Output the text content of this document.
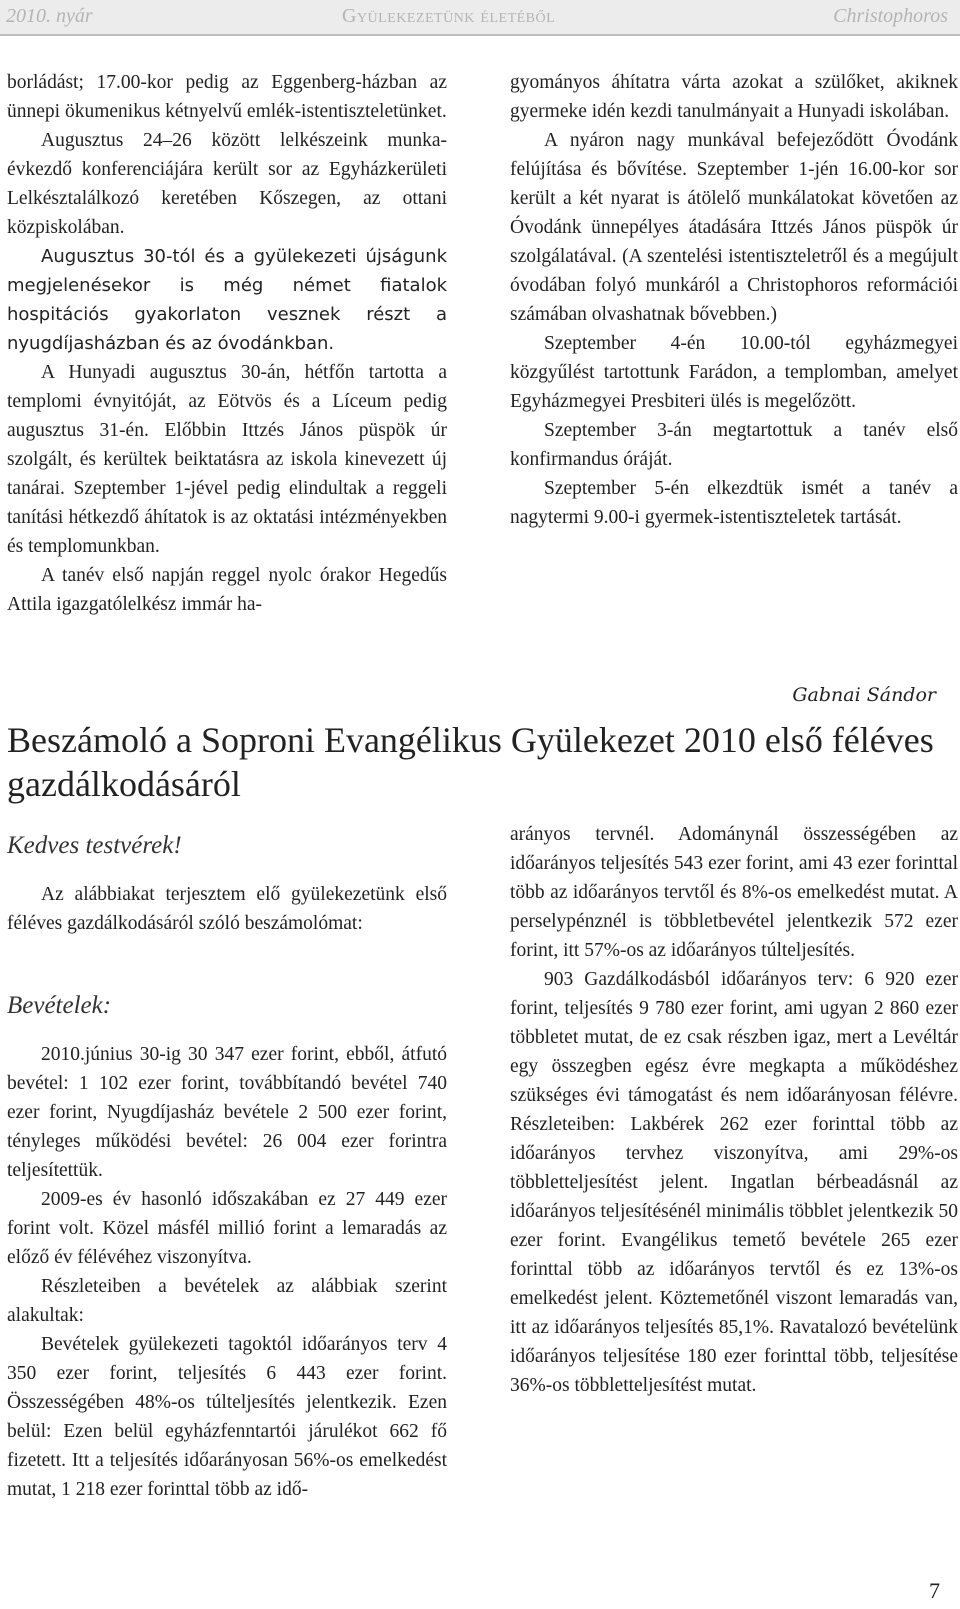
2010. nyár	Gyülekezetünk életéből	Christophoros

borládást; 17.00-kor pedig az Eggenberg-házban az ünnepi ökumenikus kétnyelvű emlék-istentiszteletünket.

Augusztus 24–26 között lelkészeink munka-évkezdő konferenciájára került sor az Egyházkerületi Lelkésztalálkozó keretében Kőszegen, az ottani közpiskolában.

Augusztus 30-tól és a gyülekezeti újságunk megjelenésekor is még német fiatalok hospitációs gyakorlaton vesznek részt a nyugdíjasházban és az óvodánkban.

A Hunyadi augusztus 30-án, hétfőn tartotta a templomi évnyitóját, az Eötvös és a Líceum pedig augusztus 31-én. Előbbin Ittzés János püspök úr szolgált, és kerültek beiktatásra az iskola kinevezett új tanárai. Szeptember 1-jével pedig elindultak a reggeli tanítási hétkezdő áhítatok is az oktatási intézményekben és templomunkban.

A tanév első napján reggel nyolc órakor Hegedűs Attila igazgatólelkész immár ha-

gyományos áhítatra várta azokat a szülőket, akiknek gyermeke idén kezdi tanulmányait a Hunyadi iskolában.

A nyáron nagy munkával befejeződött Óvodánk felújítása és bővítése. Szeptember 1-jén 16.00-kor sor került a két nyarat is átölelő munkálatokat követően az Óvodánk ünnepélyes átadására Ittzés János püspök úr szolgálatával. (A szentelési istentiszteletről és a megújult óvodában folyó munkáról a Christophoros reformációi számában olvashatnak bővebben.)

Szeptember 4-én 10.00-tól egyházmegyei közgyűlést tartottunk Farádon, a templomban, amelyet Egyházmegyei Presbiteri ülés is megelőzött.

Szeptember 3-án megtartottuk a tanév első konfirmandus óráját.

Szeptember 5-én elkezdtük ismét a tanév a nagytermi 9.00-i gyermek-istentiszteletek tartását.

Gabnai Sándor
Beszámoló a Soproni Evangélikus Gyülekezet 2010 első féléves gazdálkodásáról
Kedves testvérek!

Az alábbiakat terjesztem elő gyülekezetünk első féléves gazdálkodásáról szóló beszámolómat:

Bevételek:

2010.június 30-ig 30 347 ezer forint, ebből, átfutó bevétel: 1 102 ezer forint, továbbítandó bevétel 740 ezer forint, Nyugdíjasház bevétele 2 500 ezer forint, tényleges működési bevétel: 26 004 ezer forintra teljesítettük.

2009-es év hasonló időszakában ez 27 449 ezer forint volt. Közel másfél millió forint a lemaradás az előző év félévéhez viszonyítva.

Részleteiben a bevételek az alábbiak szerint alakultak:

Bevételek gyülekezeti tagoktól időarányos terv 4 350 ezer forint, teljesítés 6 443 ezer forint. Összességében 48%-os túlteljesítés jelentkezik. Ezen belül: Ezen belül egyházfenntartói járulékot 662 fő fizetett. Itt a teljesítés időarányosan 56%-os emelkedést mutat, 1 218 ezer forinttal több az idő-

arányos tervnél. Adománynál összességében az időarányos teljesítés 543 ezer forint, ami 43 ezer forinttal több az időarányos tervtől és 8%-os emelkedést mutat. A perselypénznél is többletbevétel jelentkezik 572 ezer forint, itt 57%-os az időarányos túlteljesítés.

903 Gazdálkodásból időarányos terv: 6 920 ezer forint, teljesítés 9 780 ezer forint, ami ugyan 2 860 ezer többletet mutat, de ez csak részben igaz, mert a Levéltár egy összegben egész évre megkapta a működéshez szükséges évi támogatást és nem időarányosan félévre. Részleteiben: Lakbérek 262 ezer forinttal több az időarányos tervhez viszonyítva, ami 29%-os többletteljesítést jelent. Ingatlan bérbeadásnál az időarányos teljesítésénél minimális többlet jelentkezik 50 ezer forint. Evangélikus temető bevétele 265 ezer forinttal több az időarányos tervtől és ez 13%-os emelkedést jelent. Köztemetőnél viszont lemaradás van, itt az időarányos teljesítés 85,1%. Ravatalozó bevételünk időarányos teljesítése 180 ezer forinttal több, teljesítése 36%-os többletteljesítést mutat.

7
